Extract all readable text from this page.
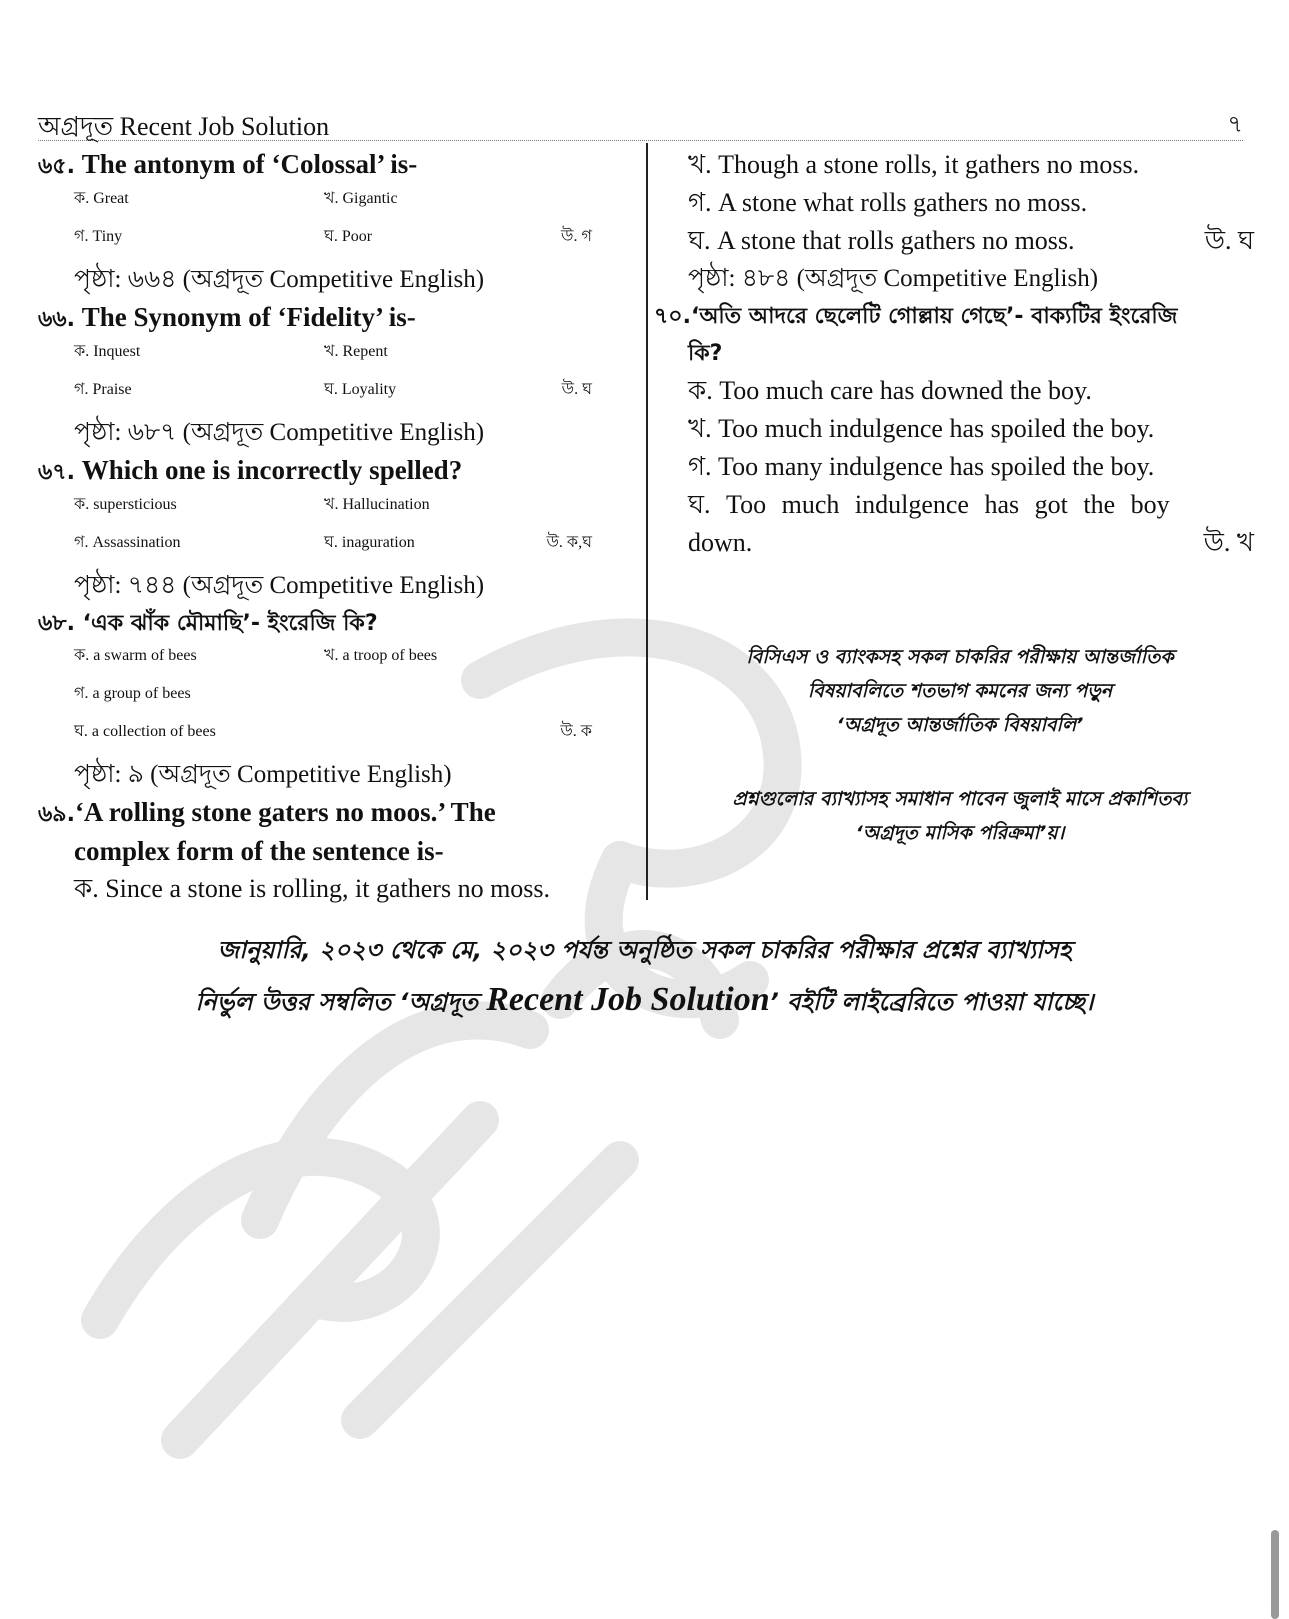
অগ্রদূত Recent Job Solution	৭
৬৫. The antonym of ‘Colossal’ is-
ক. Great	খ. Gigantic
গ. Tiny	ঘ. Poor	উ. গ
পৃষ্ঠা: ৬৬৪ (অগ্রদূত Competitive English)
৬৬. The Synonym of ‘Fidelity’ is-
ক. Inquest	খ. Repent
গ. Praise	ঘ. Loyality	উ. ঘ
পৃষ্ঠা: ৬৮৭ (অগ্রদূত Competitive English)
৬৭. Which one is incorrectly spelled?
ক. supersticious	খ. Hallucination
গ. Assassination	ঘ. inaguration	উ. ক,ঘ
পৃষ্ঠা: ৭৪৪ (অগ্রদূত Competitive English)
৬৮. ‘এক ঝাঁক মৌমাছি’- ইংরেজি কি?
ক. a swarm of bees	খ. a troop of bees
গ. a group of bees
ঘ. a collection of bees	উ. ক
পৃষ্ঠা: ৯ (অগ্রদূত Competitive English)
৬৯.‘A rolling stone gaters no moos.’ The
complex form of the sentence is-
ক. Since a stone is rolling, it gathers no moss.
খ. Though a stone rolls, it gathers no moss.
গ. A stone what rolls gathers no moss.
ঘ. A stone that rolls gathers no moss.	উ. ঘ
পৃষ্ঠা: ৪৮৪ (অগ্রদূত Competitive English)
৭০.‘অতি আদরে ছেলেটি গোল্লায় গেছে’- বাক্যটির ইংরেজি
কি?
ক. Too much care has downed the boy.
খ. Too much indulgence has spoiled the boy.
গ. Too many indulgence has spoiled the boy.
ঘ. Too much indulgence has got the boy
down.	উ. খ
বিসিএস ও ব্যাংকসহ সকল চাকরির পরীক্ষায় আন্তর্জাতিক
বিষয়াবলিতে শতভাগ কমনের জন্য পড়ুন
‘অগ্রদূত আন্তর্জাতিক বিষয়াবলি’
প্রশ্নগুলোর ব্যাখ্যাসহ সমাধান পাবেন জুলাই মাসে প্রকাশিতব্য
‘অগ্রদূত মাসিক পরিক্রমা’য়।
জানুয়ারি, ২০২৩ থেকে মে, ২০২৩ পর্যন্ত অনুষ্ঠিত সকল চাকরির পরীক্ষার প্রশ্নের ব্যাখ্যাসহ
নির্ভুল উত্তর সম্বলিত ‘অগ্রদূত Recent Job Solution’ বইটি লাইব্রেরিতে পাওয়া যাচ্ছে।
